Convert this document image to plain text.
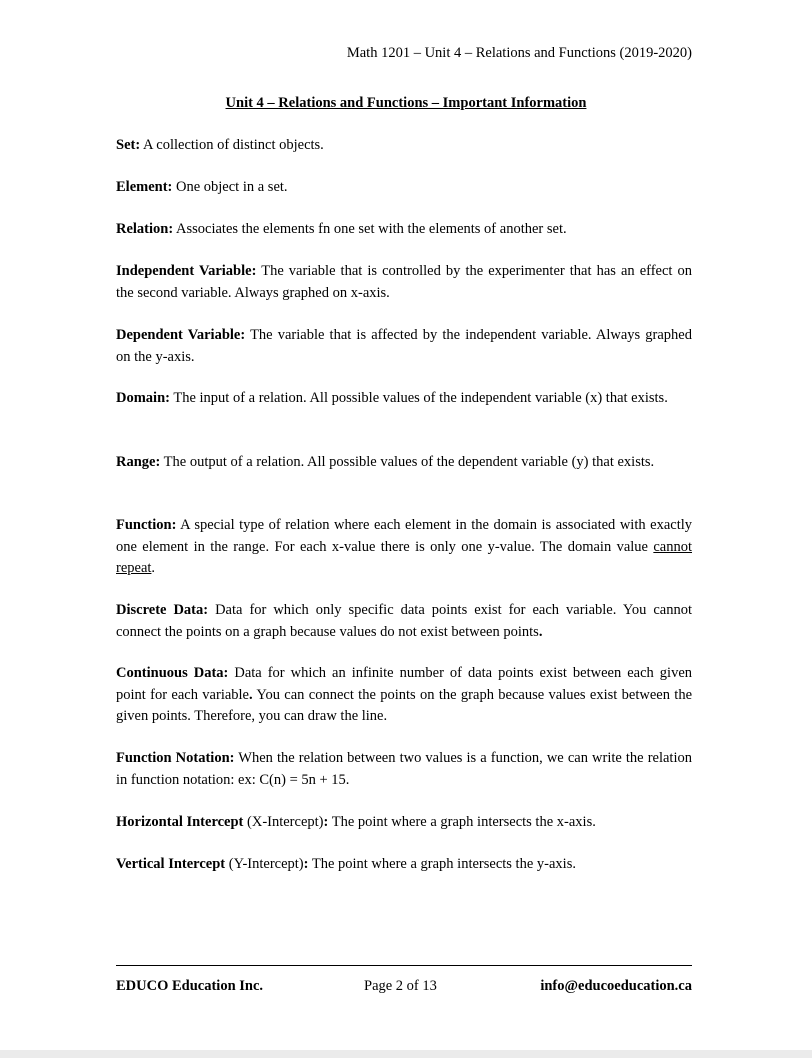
Math 1201 – Unit 4 – Relations and Functions (2019-2020)
Unit 4 – Relations and Functions – Important Information

Set: A collection of distinct objects.

Element: One object in a set.

Relation: Associates the elements fn one set with the elements of another set.

Independent Variable: The variable that is controlled by the experimenter that has an effect on the second variable. Always graphed on x-axis.

Dependent Variable: The variable that is affected by the independent variable. Always graphed on the y-axis.

Domain: The input of a relation. All possible values of the independent variable (x) that exists.

Range: The output of a relation. All possible values of the dependent variable (y) that exists.

Function: A special type of relation where each element in the domain is associated with exactly one element in the range. For each x-value there is only one y-value. The domain value cannot repeat.

Discrete Data: Data for which only specific data points exist for each variable. You cannot connect the points on a graph because values do not exist between points.

Continuous Data: Data for which an infinite number of data points exist between each given point for each variable. You can connect the points on the graph because values exist between the given points. Therefore, you can draw the line.

Function Notation: When the relation between two values is a function, we can write the relation in function notation: ex: C(n) = 5n + 15.

Horizontal Intercept (X-Intercept): The point where a graph intersects the x-axis.

Vertical Intercept (Y-Intercept): The point where a graph intersects the y-axis.

EDUCO Education Inc.	Page 2 of 13	info@educoeducation.ca
